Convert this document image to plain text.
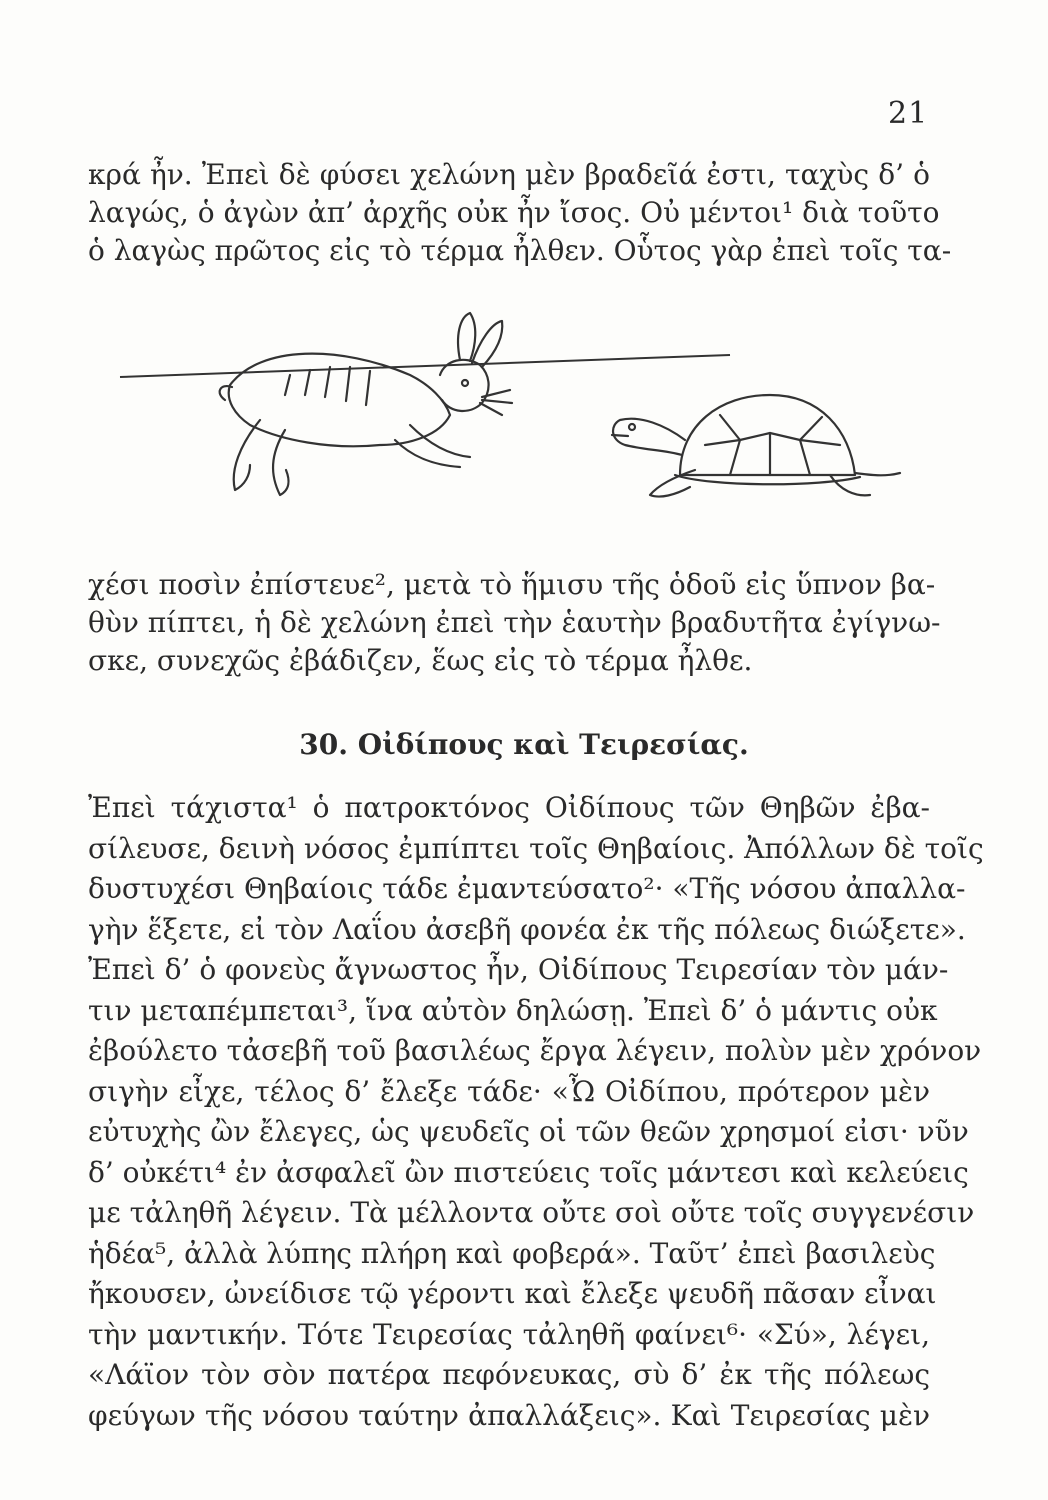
21
κρά ἦν. Ἐπεὶ δὲ φύσει χελώνη μὲν βραδεῖά ἐστι, ταχὺς δ’ ὁ
λαγώς, ὁ ἀγὼν ἀπ’ ἀρχῆς οὐκ ἦν ἴσος. Οὐ μέντοι¹ διὰ τοῦτο
ὁ λαγὼς πρῶτος εἰς τὸ τέρμα ἦλθεν. Οὗτος γὰρ ἐπεὶ τοῖς τα-
χέσι ποσὶν ἐπίστευε², μετὰ τὸ ἥμισυ τῆς ὁδοῦ εἰς ὕπνον βα-
θὺν πίπτει, ἡ δὲ χελώνη ἐπεὶ τὴν ἑαυτὴν βραδυτῆτα ἐγίγνω-
σκε, συνεχῶς ἐβάδιζεν, ἕως εἰς τὸ τέρμα ἦλθε.
30. Οἰδίπους καὶ Τειρεσίας.
Ἐπεὶ τάχιστα¹ ὁ πατροκτόνος Οἰδίπους τῶν Θηβῶν ἐβα-
σίλευσε, δεινὴ νόσος ἐμπίπτει τοῖς Θηβαίοις. Ἀπόλλων δὲ τοῖς
δυστυχέσι Θηβαίοις τάδε ἐμαντεύσατο²· «Τῆς νόσου ἀπαλλα-
γὴν ἕξετε, εἰ τὸν Λαΐου ἀσεβῆ φονέα ἐκ τῆς πόλεως διώξετε».
Ἐπεὶ δ’ ὁ φονεὺς ἄγνωστος ἦν, Οἰδίπους Τειρεσίαν τὸν μάν-
τιν μεταπέμπεται³, ἵνα αὐτὸν δηλώσῃ. Ἐπεὶ δ’ ὁ μάντις οὐκ
ἐβούλετο τἀσεβῆ τοῦ βασιλέως ἔργα λέγειν, πολὺν μὲν χρόνον
σιγὴν εἶχε, τέλος δ’ ἔλεξε τάδε· «Ὦ Οἰδίπου, πρότερον μὲν
εὐτυχὴς ὢν ἔλεγες, ὡς ψευδεῖς οἱ τῶν θεῶν χρησμοί εἰσι· νῦν
δ’ οὐκέτι⁴ ἐν ἀσφαλεῖ ὢν πιστεύεις τοῖς μάντεσι καὶ κελεύεις
με τἀληθῆ λέγειν. Τὰ μέλλοντα οὔτε σοὶ οὔτε τοῖς συγγενέσιν
ἡδέα⁵, ἀλλὰ λύπης πλήρη καὶ φοβερά». Ταῦτ’ ἐπεὶ βασιλεὺς
ἤκουσεν, ὠνείδισε τῷ γέροντι καὶ ἔλεξε ψευδῆ πᾶσαν εἶναι
τὴν μαντικήν. Τότε Τειρεσίας τἀληθῆ φαίνει⁶· «Σύ», λέγει,
«Λάϊον τὸν σὸν πατέρα πεφόνευκας, σὺ δ’ ἐκ τῆς πόλεως
φεύγων τῆς νόσου ταύτην ἀπαλλάξεις». Καὶ Τειρεσίας μὲν
